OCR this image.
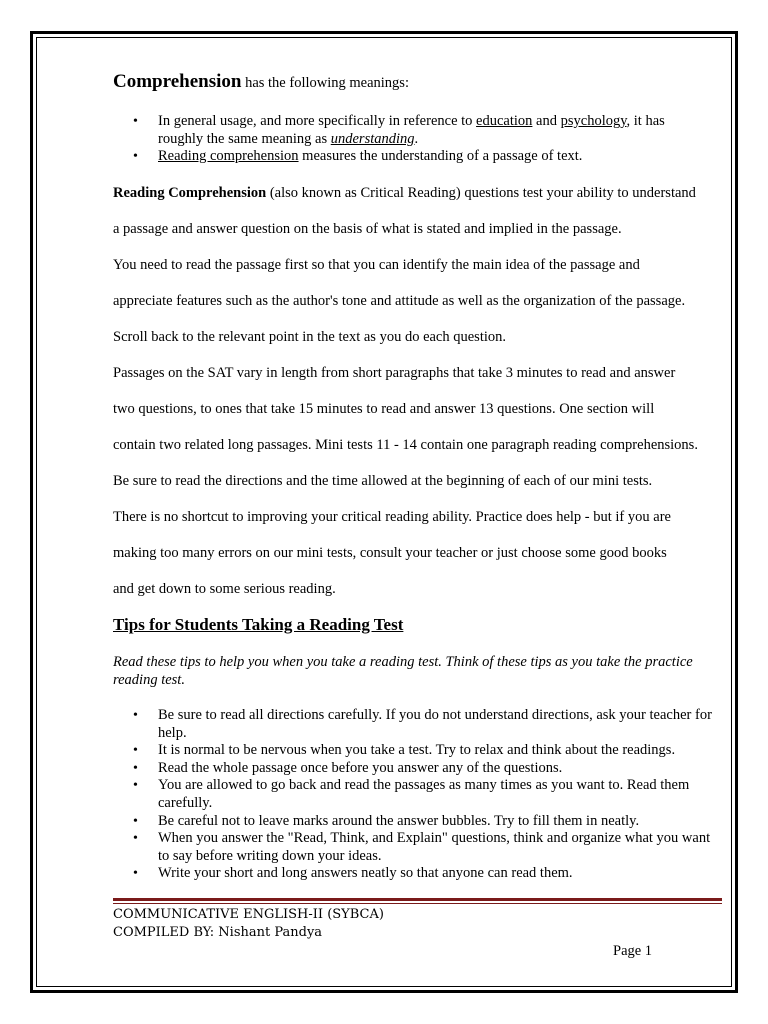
Comprehension has the following meanings:
• In general usage, and more specifically in reference to education and psychology, it has roughly the same meaning as understanding.
• Reading comprehension measures the understanding of a passage of text.
Reading Comprehension (also known as Critical Reading) questions test your ability to understand
a passage and answer question on the basis of what is stated and implied in the passage.
You need to read the passage first so that you can identify the main idea of the passage and
appreciate features such as the author's tone and attitude as well as the organization of the passage.
Scroll back to the relevant point in the text as you do each question.
Passages on the SAT vary in length from short paragraphs that take 3 minutes to read and answer
two questions, to ones that take 15 minutes to read and answer 13 questions. One section will
contain two related long passages. Mini tests 11 - 14 contain one paragraph reading comprehensions.
Be sure to read the directions and the time allowed at the beginning of each of our mini tests.
There is no shortcut to improving your critical reading ability. Practice does help - but if you are
making too many errors on our mini tests, consult your teacher or just choose some good books
and get down to some serious reading.
Tips for Students Taking a Reading Test
Read these tips to help you when you take a reading test. Think of these tips as you take the practice reading test.
• Be sure to read all directions carefully. If you do not understand directions, ask your teacher for help.
• It is normal to be nervous when you take a test. Try to relax and think about the readings.
• Read the whole passage once before you answer any of the questions.
• You are allowed to go back and read the passages as many times as you want to. Read them carefully.
• Be careful not to leave marks around the answer bubbles. Try to fill them in neatly.
• When you answer the "Read, Think, and Explain" questions, think and organize what you want to say before writing down your ideas.
• Write your short and long answers neatly so that anyone can read them.
COMMUNICATIVE ENGLISH-II (SYBCA)
COMPILED BY: Nishant Pandya
Page 1
